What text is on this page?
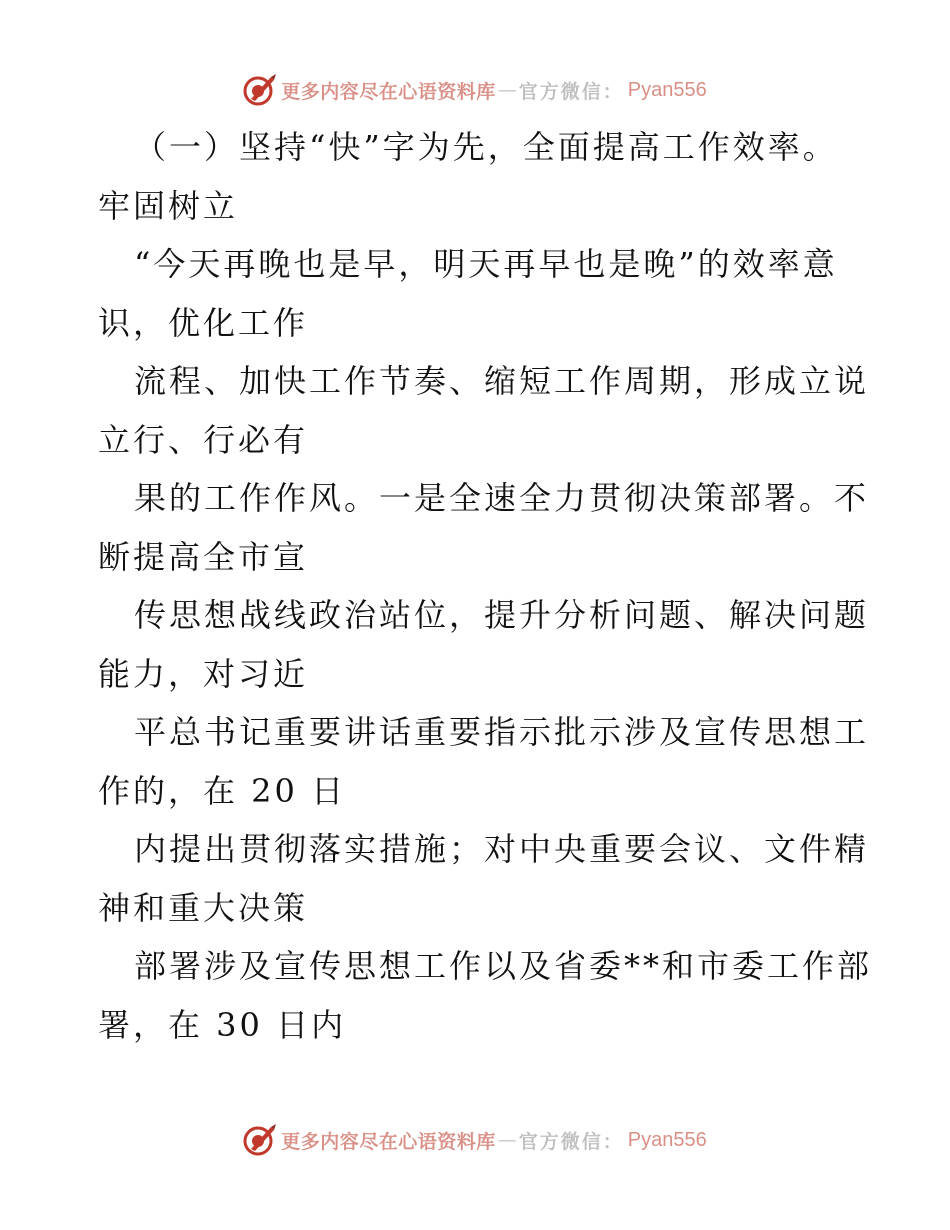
更多内容尽在心语资料库 — 官方微信： Pyan556
（一）坚持“快”字为先，全面提高工作效率。
牢固树立
“今天再晚也是早，明天再早也是晚”的效率意
识，优化工作
流程、加快工作节奏、缩短工作周期，形成立说
立行、行必有
果的工作作风。一是全速全力贯彻决策部署。不
断提高全市宣
传思想战线政治站位，提升分析问题、解决问题
能力，对习近
平总书记重要讲话重要指示批示涉及宣传思想工
作的，在 20 日
内提出贯彻落实措施；对中央重要会议、文件精
神和重大决策
部署涉及宣传思想工作以及省委**和市委工作部
署，在 30 日内
更多内容尽在心语资料库 — 官方微信： Pyan556
